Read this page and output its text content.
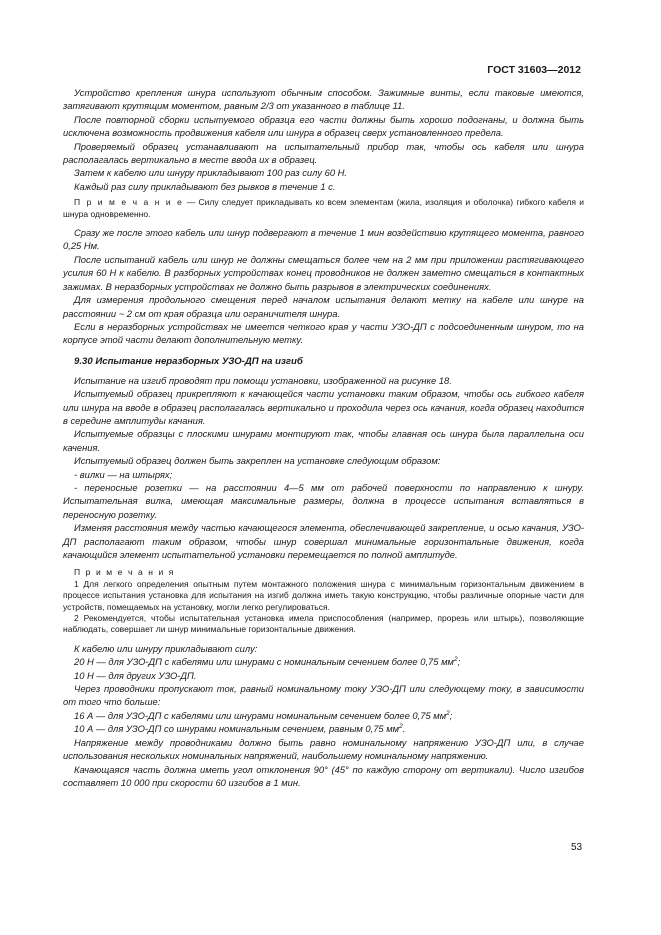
ГОСТ 31603—2012

Устройство крепления шнура используют обычным способом. Зажимные винты, если таковые имеются, затягивают крутящим моментом, равным 2/3 от указанного в таблице 11.

После повторной сборки испытуемого образца его части должны быть хорошо подогнаны, и должна быть исключена возможность продвижения кабеля или шнура в образец сверх установленного предела.

Проверяемый образец устанавливают на испытательный прибор так, чтобы ось кабеля или шнура располагалась вертикально в месте ввода их в образец.

Затем к кабелю или шнуру прикладывают 100 раз силу 60 Н.

Каждый раз силу прикладывают без рывков в течение 1 с.

П р и м е ч а н и е — Силу следует прикладывать ко всем элементам (жила, изоляция и оболочка) гибкого кабеля и шнура одновременно.

Сразу же после этого кабель или шнур подвергают в течение 1 мин воздействию крутящего момента, равного 0,25 Нм.

После испытаний кабель или шнур не должны смещаться более чем на 2 мм при приложении растягивающего усилия 60 Н к кабелю. В разборных устройствах конец проводников не должен заметно смещаться в контактных зажимах. В неразборных устройствах не должно быть разрывов в электрических соединениях.

Для измерения продольного смещения перед началом испытания делают метку на кабеле или шнуре на расстоянии ~ 2 см от края образца или ограничителя шнура.

Если в неразборных устройствах не имеется четкого края у части УЗО-ДП с подсоединенным шнуром, то на корпусе этой части делают дополнительную метку.

9.30 Испытание неразборных УЗО-ДП на изгиб

Испытание на изгиб проводят при помощи установки, изображенной на рисунке 18.

Испытуемый образец прикрепляют к качающейся части установки таким образом, чтобы ось гибкого кабеля или шнура на вводе в образец располагалась вертикально и проходила через ось качания, когда образец находится в середине амплитуды качания.

Испытуемые образцы с плоскими шнурами монтируют так, чтобы главная ось шнура была параллельна оси качения.

Испытуемый образец должен быть закреплен на установке следующим образом:

- вилки — на штырях;

- переносные розетки — на расстоянии 4—5 мм от рабочей поверхности по направлению к шнуру. Испытательная вилка, имеющая максимальные размеры, должна в процессе испытания вставляться в переносную розетку.

Изменяя расстояния между частью качающегося элемента, обеспечивающей закрепление, и осью качания, УЗО-ДП располагают таким образом, чтобы шнур совершал минимальные горизонтальные движения, когда качающийся элемент испытательной установки перемещается по полной амплитуде.

П р и м е ч а н и я

1 Для легкого определения опытным путем монтажного положения шнура с минимальным горизонтальным движением в процессе испытания установка для испытания на изгиб должна иметь такую конструкцию, чтобы различные опорные части для устройств, помещаемых на установку, могли легко регулироваться.

2 Рекомендуется, чтобы испытательная установка имела приспособления (например, прорезь или штырь), позволяющие наблюдать, совершает ли шнур минимальные горизонтальные движения.

К кабелю или шнуру прикладывают силу:

20 Н — для УЗО-ДП с кабелями или шнурами с номинальным сечением более 0,75 $мм^2$;

10 Н — для других УЗО-ДП.

Через проводники пропускают ток, равный номинальному току УЗО-ДП или следующему току, в зависимости от того что больше:

16 А — для УЗО-ДП с кабелями или шнурами номинальным сечением более 0,75 $мм^2$;

10 А — для УЗО-ДП со шнурами номинальным сечением, равным 0,75 $мм^2$.

Напряжение между проводниками должно быть равно номинальному напряжению УЗО-ДП или, в случае использования нескольких номинальных напряжений, наибольшему номинальному напряжению.

Качающаяся часть должна иметь угол отклонения 90° (45° по каждую сторону от вертикали). Число изгибов составляет 10 000 при скорости 60 изгибов в 1 мин.

53
